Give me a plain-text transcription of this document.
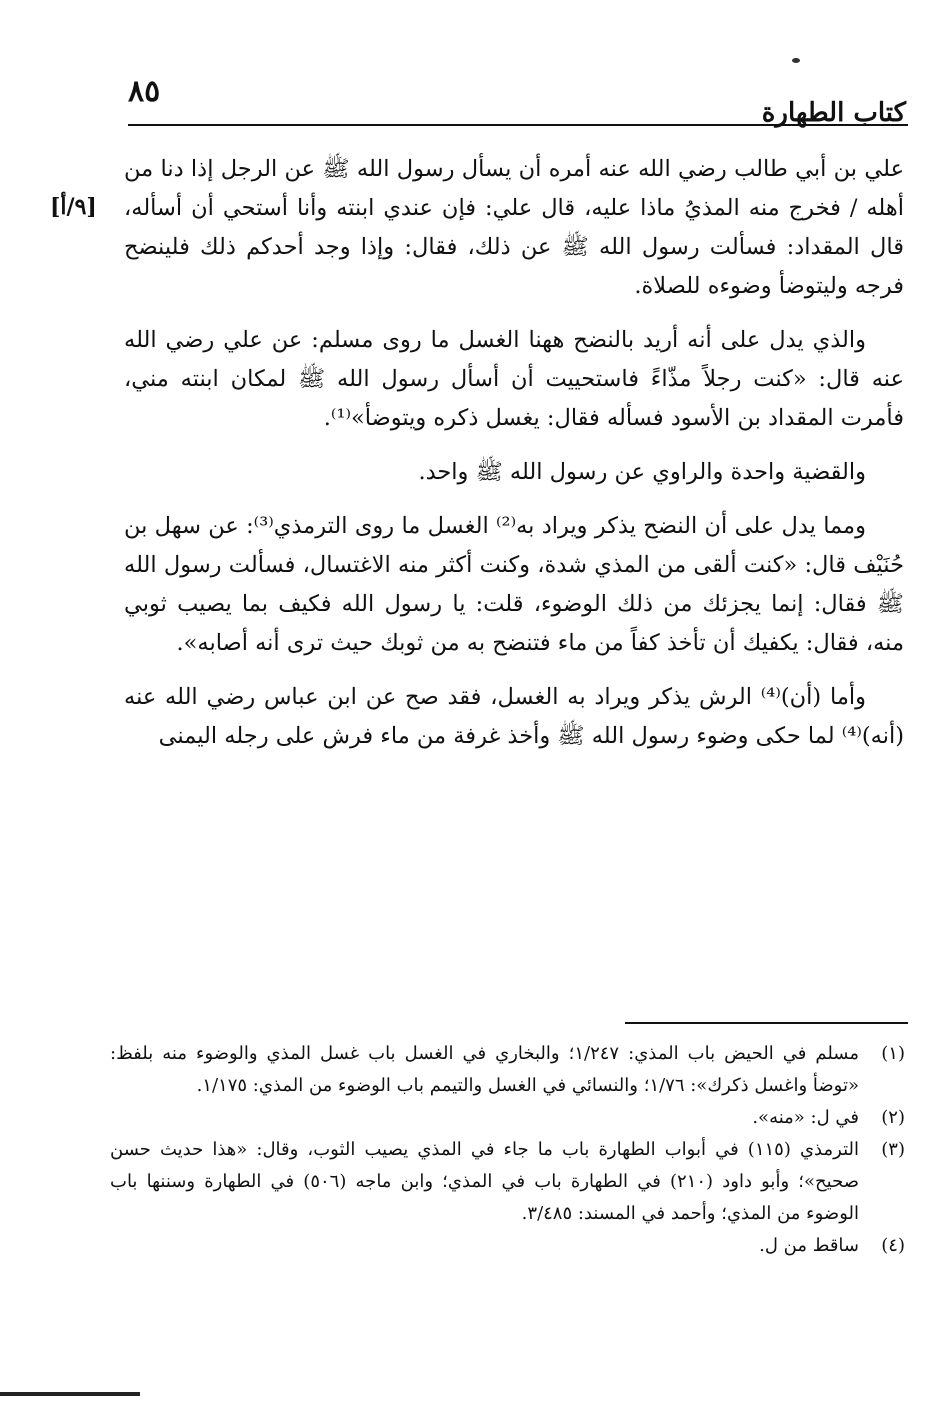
٨٥
كتاب الطهارة
[٩/أ]

علي بن أبي طالب رضي الله عنه أمره أن يسأل رسول الله ﷺ عن الرجل إذا دنا من أهله / فخرج منه المذيُ ماذا عليه، قال علي: فإن عندي ابنته وأنا أستحي أن أسأله، قال المقداد: فسألت رسول الله ﷺ عن ذلك، فقال: وإذا وجد أحدكم ذلك فلينضح فرجه وليتوضأ وضوءه للصلاة.

والذي يدل على أنه أريد بالنضح ههنا الغسل ما روى مسلم: عن علي رضي الله عنه قال: «كنت رجلاً مذّاءً فاستحييت أن أسأل رسول الله ﷺ لمكان ابنته مني، فأمرت المقداد بن الأسود فسأله فقال: يغسل ذكره ويتوضأ»⁽¹⁾.

والقضية واحدة والراوي عن رسول الله ﷺ واحد.

ومما يدل على أن النضح يذكر ويراد به⁽²⁾ الغسل ما روى الترمذي⁽³⁾: عن سهل بن حُنَيْف قال: «كنت ألقى من المذي شدة، وكنت أكثر منه الاغتسال، فسألت رسول الله ﷺ فقال: إنما يجزئك من ذلك الوضوء، قلت: يا رسول الله فكيف بما يصيب ثوبي منه، فقال: يكفيك أن تأخذ كفاً من ماء فتنضح به من ثوبك حيث ترى أنه أصابه».

وأما (أن)⁽⁴⁾ الرش يذكر ويراد به الغسل، فقد صح عن ابن عباس رضي الله عنه (أنه)⁽⁴⁾ لما حكى وضوء رسول الله ﷺ وأخذ غرفة من ماء فرش على رجله اليمنى

(١)
مسلم في الحيض باب المذي: ١/٢٤٧؛ والبخاري في الغسل باب غسل المذي والوضوء منه بلفظ: «توضأ واغسل ذكرك»: ١/٧٦؛ والنسائي في الغسل والتيمم باب الوضوء من المذي: ١/١٧٥.
(٢)
في ل: «منه».
(٣)
الترمذي (١١٥) في أبواب الطهارة باب ما جاء في المذي يصيب الثوب، وقال: «هذا حديث حسن صحيح»؛ وأبو داود (٢١٠) في الطهارة باب في المذي؛ وابن ماجه (٥٠٦) في الطهارة وسننها باب الوضوء من المذي؛ وأحمد في المسند: ٣/٤٨٥.
(٤)
ساقط من ل.
